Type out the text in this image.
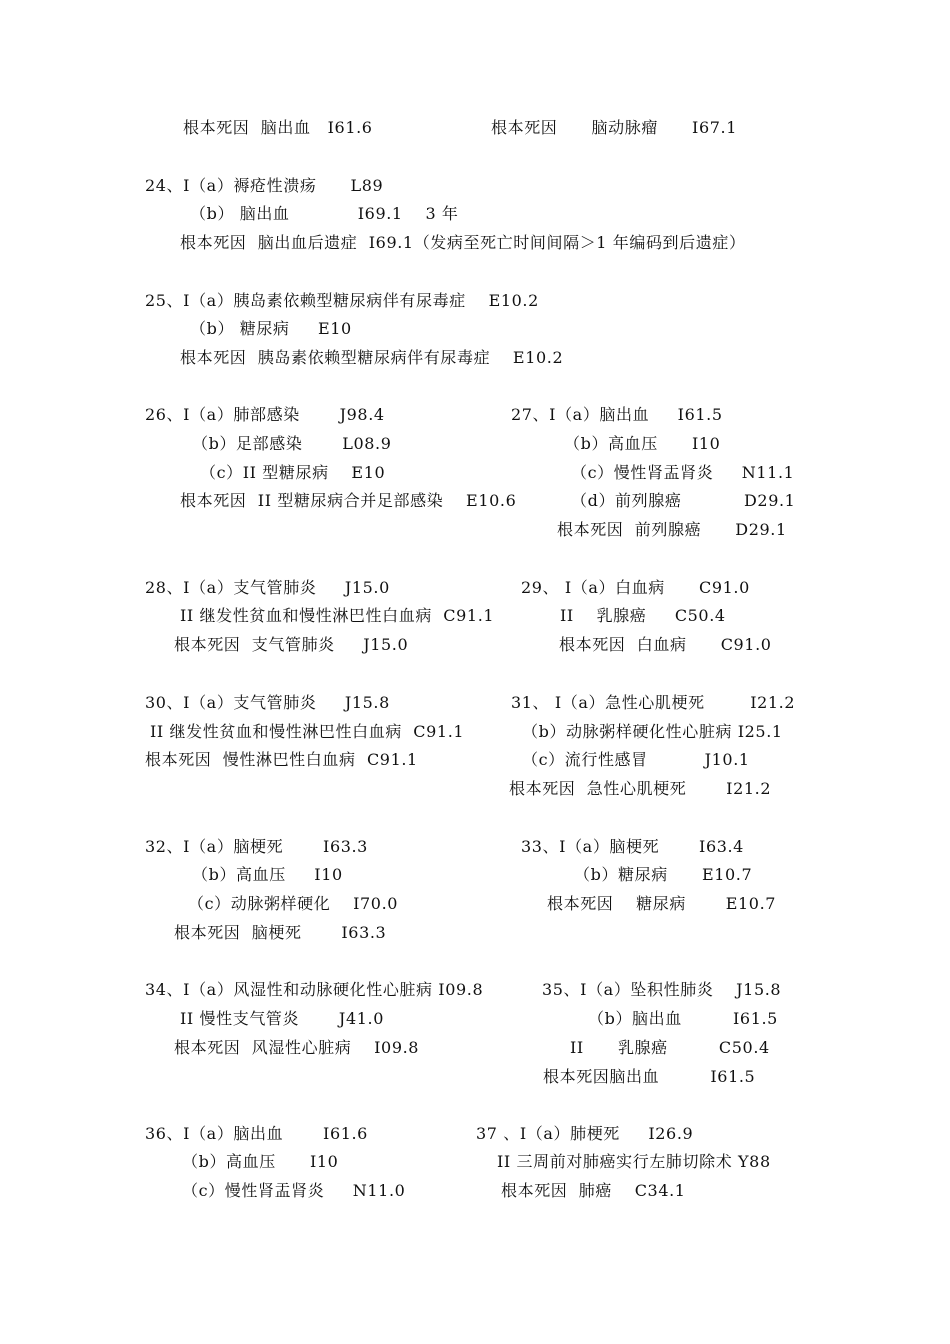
根本死因  脑出血   I61.6	根本死因      脑动脉瘤      I67.1
24、I（a）褥疮性溃疡      L89
（b） 脑出血            I69.1    3 年
根本死因  脑出血后遗症  I69.1（发病至死亡时间间隔＞1 年编码到后遗症）
25、I（a）胰岛素依赖型糖尿病伴有尿毒症    E10.2
（b） 糖尿病     E10
根本死因  胰岛素依赖型糖尿病伴有尿毒症    E10.2
26、I（a）肺部感染       J98.4
（b）足部感染       L08.9
（c）II 型糖尿病    E10
根本死因  II 型糖尿病合并足部感染    E10.6
27、I（a）脑出血     I61.5
（b）高血压      I10
（c）慢性肾盂肾炎     N11.1
（d）前列腺癌           D29.1
根本死因  前列腺癌      D29.1
28、I（a）支气管肺炎     J15.0
II 继发性贫血和慢性淋巴性白血病  C91.1
根本死因  支气管肺炎     J15.0
29、 I（a）白血病      C91.0
II    乳腺癌     C50.4
根本死因  白血病      C91.0
30、I（a）支气管肺炎     J15.8
II 继发性贫血和慢性淋巴性白血病  C91.1
根本死因  慢性淋巴性白血病  C91.1
31、 I（a）急性心肌梗死        I21.2
（b）动脉粥样硬化性心脏病 I25.1
（c）流行性感冒          J10.1
根本死因  急性心肌梗死       I21.2
32、I（a）脑梗死       I63.3
（b）高血压     I10
（c）动脉粥样硬化    I70.0
根本死因  脑梗死       I63.3
33、I（a）脑梗死       I63.4
（b）糖尿病      E10.7
根本死因    糖尿病       E10.7
34、I（a）风湿性和动脉硬化性心脏病 I09.8
II 慢性支气管炎       J41.0
根本死因  风湿性心脏病    I09.8
35、I（a）坠积性肺炎    J15.8
（b）脑出血         I61.5
II      乳腺癌         C50.4
根本死因脑出血         I61.5
36、I（a）脑出血       I61.6
（b）高血压      I10
（c）慢性肾盂肾炎     N11.0
37 、I（a）肺梗死     I26.9
II 三周前对肺癌实行左肺切除术 Y88
根本死因  肺癌    C34.1
